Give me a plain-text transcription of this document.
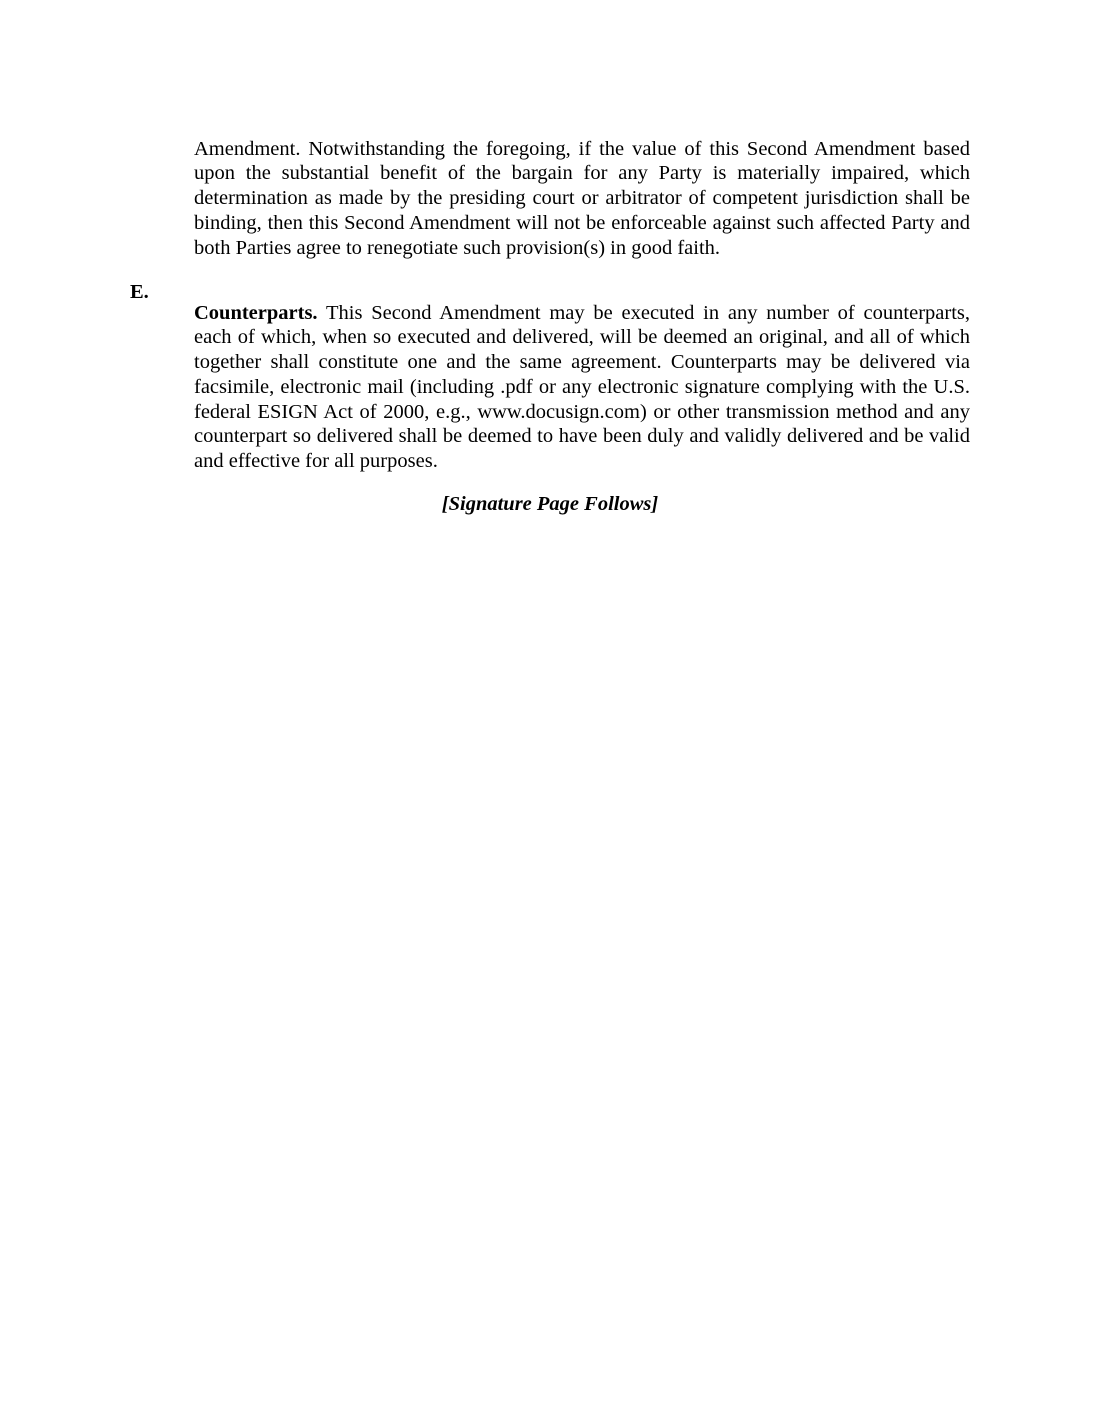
Amendment. Notwithstanding the foregoing, if the value of this Second Amendment based upon the substantial benefit of the bargain for any Party is materially impaired, which determination as made by the presiding court or arbitrator of competent jurisdiction shall be binding, then this Second Amendment will not be enforceable against such affected Party and both Parties agree to renegotiate such provision(s) in good faith.

E.

Counterparts. This Second Amendment may be executed in any number of counterparts, each of which, when so executed and delivered, will be deemed an original, and all of which together shall constitute one and the same agreement. Counterparts may be delivered via facsimile, electronic mail (including .pdf or any electronic signature complying with the U.S. federal ESIGN Act of 2000, e.g., www.docusign.com) or other transmission method and any counterpart so delivered shall be deemed to have been duly and validly delivered and be valid and effective for all purposes.

[Signature Page Follows]
